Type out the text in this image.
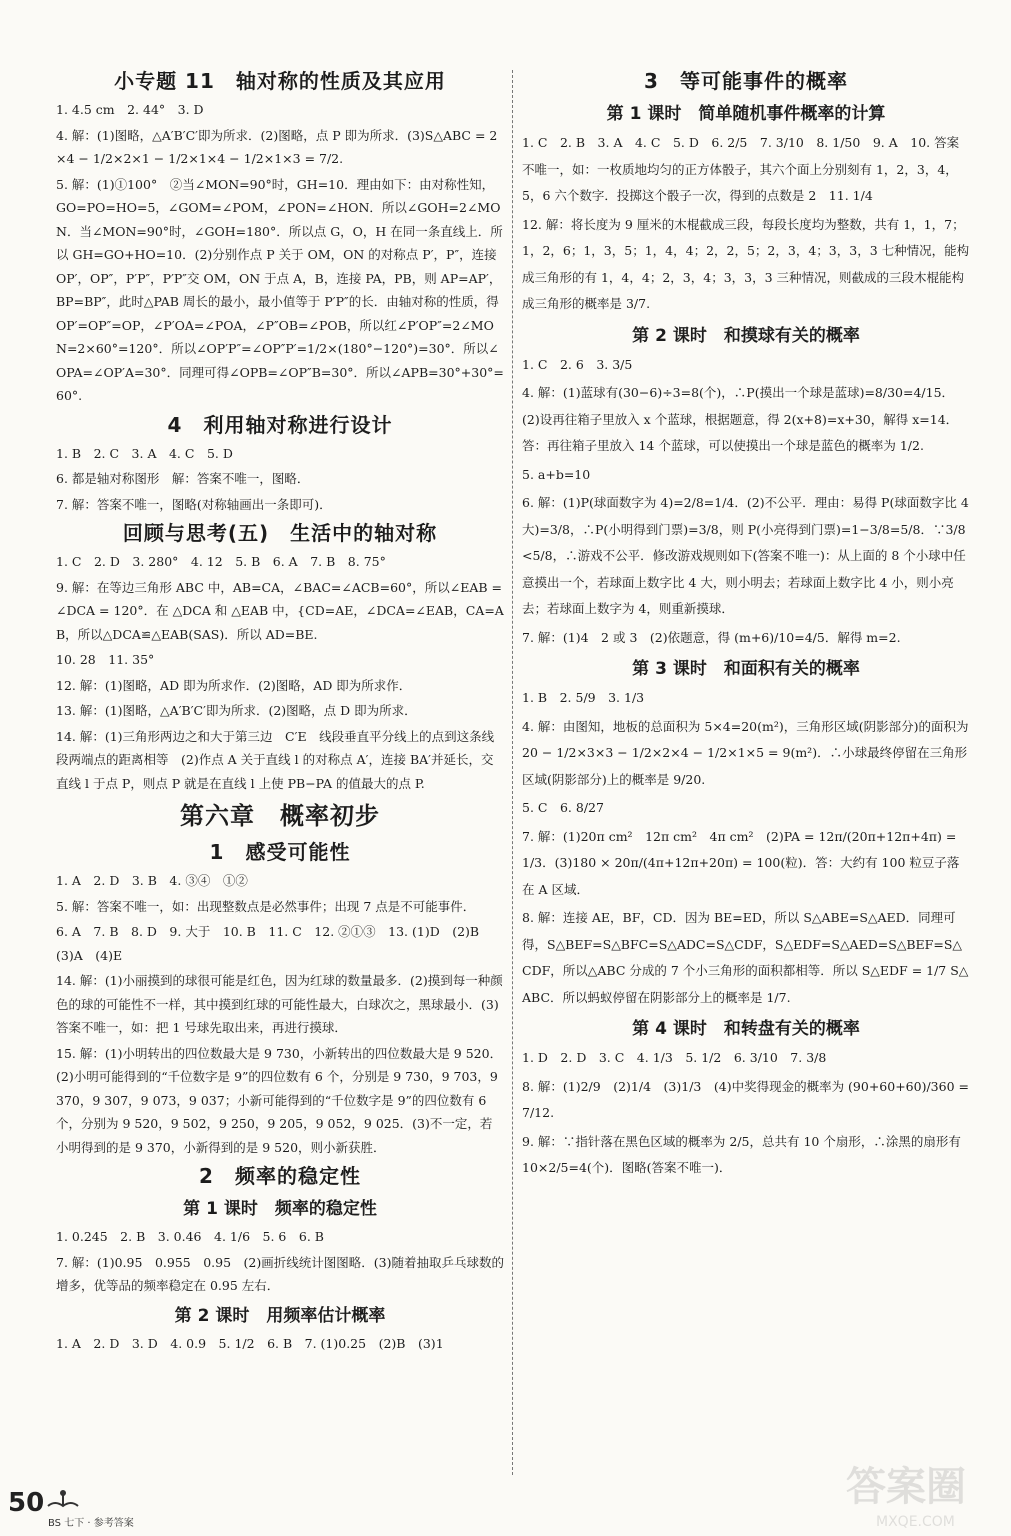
小专题 11　轴对称的性质及其应用
1. 4.5 cm　2. 44°　3. D
4. 解：(1)图略，△A′B′C′即为所求．(2)图略，点 P 即为所求．(3)S△ABC = 2×4 − 1/2×2×1 − 1/2×1×4 − 1/2×1×3 = 7/2.
5. 解：(1)①100°　②当∠MON=90°时，GH=10．理由如下：由对称性知，GO=PO=HO=5，∠GOM=∠POM，∠PON=∠HON．所以∠GOH=2∠MON．当∠MON=90°时，∠GOH=180°．所以点 G，O，H 在同一条直线上．所以 GH=GO+HO=10．(2)分别作点 P 关于 OM，ON 的对称点 P′，P″，连接 OP′，OP″，P′P″，P′P″交 OM，ON 于点 A，B，连接 PA，PB，则 AP=AP′，BP=BP″，此时△PAB 周长的最小，最小值等于 P′P″的长．由轴对称的性质，得 OP′=OP″=OP，∠P′OA=∠POA，∠P″OB=∠POB，所以红∠P′OP″=2∠MON=2×60°=120°．所以∠OP′P″=∠OP″P′=1/2×(180°−120°)=30°．所以∠OPA=∠OP′A=30°．同理可得∠OPB=∠OP″B=30°．所以∠APB=30°+30°=60°.
4　利用轴对称进行设计
1. B　2. C　3. A　4. C　5. D
6. 都是轴对称图形　解：答案不唯一，图略．
7. 解：答案不唯一，图略(对称轴画出一条即可)．
回顾与思考(五)　生活中的轴对称
1. C　2. D　3. 280°　4. 12　5. B　6. A　7. B　8. 75°
9. 解：在等边三角形 ABC 中，AB=CA，∠BAC=∠ACB=60°，所以∠EAB = ∠DCA = 120°．在 △DCA 和 △EAB 中，{CD=AE，∠DCA=∠EAB，CA=AB，所以△DCA≌△EAB(SAS)．所以 AD=BE.
10. 28　11. 35°
12. 解：(1)图略，AD 即为所求作．(2)图略，AD 即为所求作．
13. 解：(1)图略，△A′B′C′即为所求．(2)图略，点 D 即为所求．
14. 解：(1)三角形两边之和大于第三边　C′E　线段垂直平分线上的点到这条线段两端点的距离相等　(2)作点 A 关于直线 l 的对称点 A′，连接 BA′并延长，交直线 l 于点 P，则点 P 就是在直线 l 上使 PB−PA 的值最大的点 P.
第六章　概率初步
1　感受可能性
1. A　2. D　3. B　4. ③④　①②
5. 解：答案不唯一，如：出现整数点是必然事件；出现 7 点是不可能事件．
6. A　7. B　8. D　9. 大于　10. B　11. C　12. ②①③　13. (1)D　(2)B　(3)A　(4)E
14. 解：(1)小丽摸到的球很可能是红色，因为红球的数量最多．(2)摸到每一种颜色的球的可能性不一样，其中摸到红球的可能性最大，白球次之，黑球最小．(3)答案不唯一，如：把 1 号球先取出来，再进行摸球．
15. 解：(1)小明转出的四位数最大是 9 730，小新转出的四位数最大是 9 520．(2)小明可能得到的“千位数字是 9”的四位数有 6 个，分别是 9 730，9 703，9 370，9 307，9 073，9 037；小新可能得到的“千位数字是 9”的四位数有 6 个，分别为 9 520，9 502，9 250，9 205，9 052，9 025．(3)不一定，若小明得到的是 9 370，小新得到的是 9 520，则小新获胜．
2　频率的稳定性
第 1 课时　频率的稳定性
1. 0.245　2. B　3. 0.46　4. 1/6　5. 6　6. B
7. 解：(1)0.95　0.955　0.95　(2)画折线统计图图略．(3)随着抽取乒乓球数的增多，优等品的频率稳定在 0.95 左右．
第 2 课时　用频率估计概率
1. A　2. D　3. D　4. 0.9　5. 1/2　6. B　7. (1)0.25　(2)B　(3)1
3　等可能事件的概率
第 1 课时　简单随机事件概率的计算
1. C　2. B　3. A　4. C　5. D　6. 2/5　7. 3/10　8. 1/50　9. A　10. 答案不唯一，如：一枚质地均匀的正方体骰子，其六个面上分别刻有 1，2，3，4，5，6 六个数字．投掷这个骰子一次，得到的点数是 2　11. 1/4
12. 解：将长度为 9 厘米的木棍截成三段，每段长度均为整数，共有 1，1，7；1，2，6；1，3，5；1，4，4；2，2，5；2，3，4；3，3，3 七种情况，能构成三角形的有 1，4，4；2，3，4；3，3，3 三种情况，则截成的三段木棍能构成三角形的概率是 3/7.
第 2 课时　和摸球有关的概率
1. C　2. 6　3. 3/5
4. 解：(1)蓝球有(30−6)÷3=8(个)，∴P(摸出一个球是蓝球)=8/30=4/15．(2)设再往箱子里放入 x 个蓝球，根据题意，得 2(x+8)=x+30，解得 x=14．答：再往箱子里放入 14 个蓝球，可以使摸出一个球是蓝色的概率为 1/2.
5. a+b=10
6. 解：(1)P(球面数字为 4)=2/8=1/4．(2)不公平．理由：易得 P(球面数字比 4 大)=3/8，∴P(小明得到门票)=3/8，则 P(小亮得到门票)=1−3/8=5/8．∵3/8<5/8，∴游戏不公平．修改游戏规则如下(答案不唯一)：从上面的 8 个小球中任意摸出一个，若球面上数字比 4 大，则小明去；若球面上数字比 4 小，则小亮去；若球面上数字为 4，则重新摸球．
7. 解：(1)4　2 或 3　(2)依题意，得 (m+6)/10=4/5．解得 m=2.
第 3 课时　和面积有关的概率
1. B　2. 5/9　3. 1/3
4. 解：由图知，地板的总面积为 5×4=20(m²)，三角形区域(阴影部分)的面积为 20 − 1/2×3×3 − 1/2×2×4 − 1/2×1×5 = 9(m²)．∴小球最终停留在三角形区域(阴影部分)上的概率是 9/20.
5. C　6. 8/27
7. 解：(1)20π cm²　12π cm²　4π cm²　(2)PA = 12π/(20π+12π+4π) = 1/3．(3)180 × 20π/(4π+12π+20π) = 100(粒)．答：大约有 100 粒豆子落在 A 区域．
8. 解：连接 AE，BF，CD．因为 BE=ED，所以 S△ABE=S△AED．同理可得，S△BEF=S△BFC=S△ADC=S△CDF，S△EDF=S△AED=S△BEF=S△CDF，所以△ABC 分成的 7 个小三角形的面积都相等．所以 S△EDF = 1/7 S△ABC．所以蚂蚁停留在阴影部分上的概率是 1/7.
第 4 课时　和转盘有关的概率
1. D　2. D　3. C　4. 1/3　5. 1/2　6. 3/10　7. 3/8
8. 解：(1)2/9　(2)1/4　(3)1/3　(4)中奖得现金的概率为 (90+60+60)/360 = 7/12.
9. 解：∵指针落在黑色区域的概率为 2/5，总共有 10 个扇形，∴涂黑的扇形有 10×2/5=4(个)．图略(答案不唯一)．
50
BS 七下 · 参考答案
答案圈
MXQE.COM
